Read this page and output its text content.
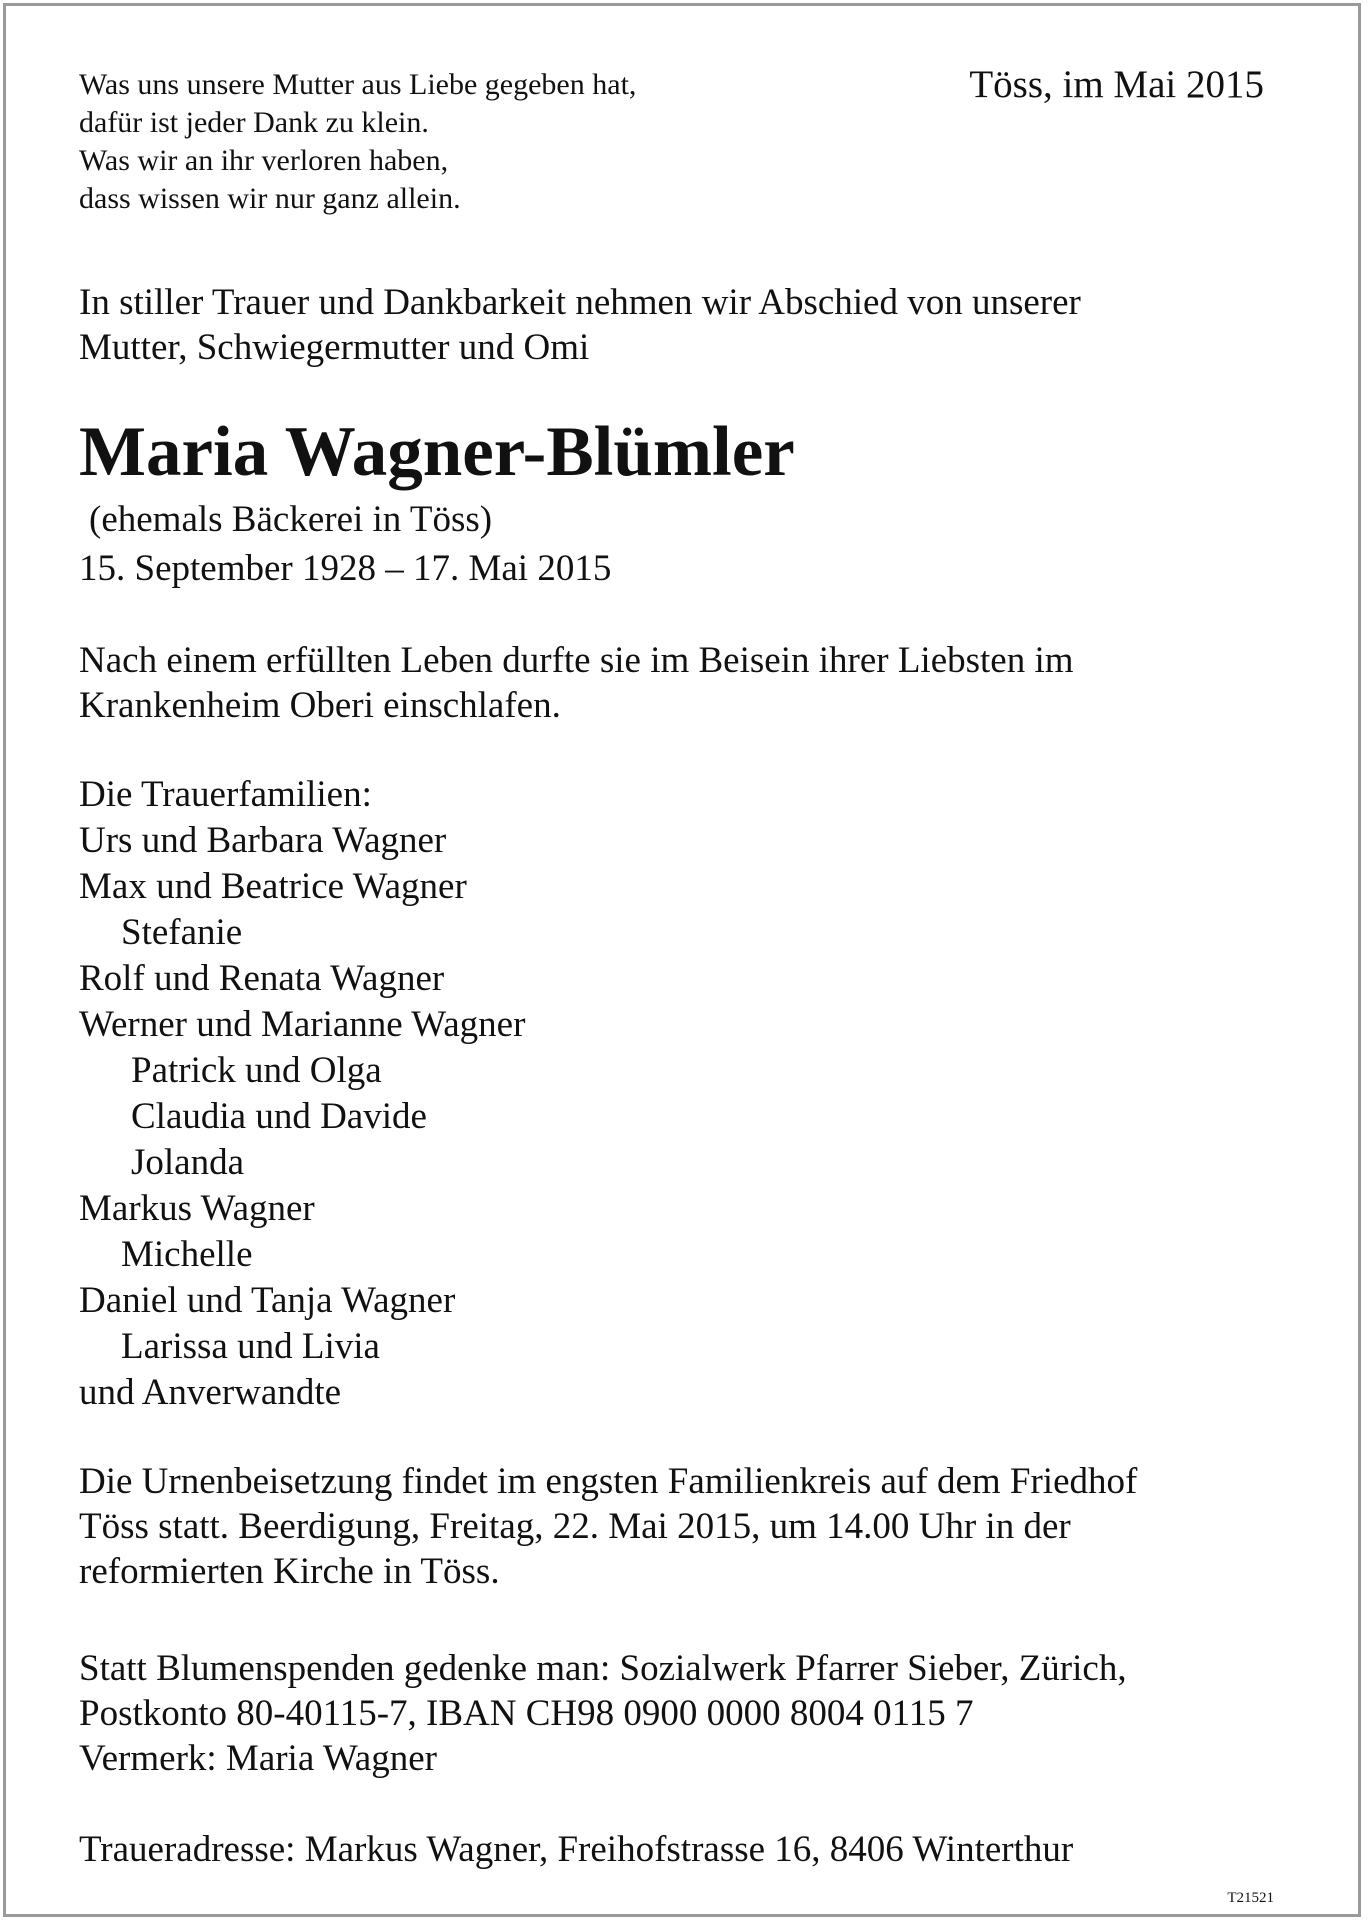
Was uns unsere Mutter aus Liebe gegeben hat,
dafür ist jeder Dank zu klein.
Was wir an ihr verloren haben,
dass wissen wir nur ganz allein.
Töss, im Mai 2015
In stiller Trauer und Dankbarkeit nehmen wir Abschied von unserer
Mutter, Schwiegermutter und Omi
Maria Wagner-Blümler
(ehemals Bäckerei in Töss)
15. September 1928 – 17. Mai 2015
Nach einem erfüllten Leben durfte sie im Beisein ihrer Liebsten im
Krankenheim Oberi einschlafen.
Die Trauerfamilien:
Urs und Barbara Wagner
Max und Beatrice Wagner
Stefanie
Rolf und Renata Wagner
Werner und Marianne Wagner
Patrick und Olga
Claudia und Davide
Jolanda
Markus Wagner
Michelle
Daniel und Tanja Wagner
Larissa und Livia
und Anverwandte
Die Urnenbeisetzung findet im engsten Familienkreis auf dem Friedhof
Töss statt. Beerdigung, Freitag, 22. Mai 2015, um 14.00 Uhr in der
reformierten Kirche in Töss.
Statt Blumenspenden gedenke man: Sozialwerk Pfarrer Sieber, Zürich,
Postkonto 80-40115-7, IBAN CH98 0900 0000 8004 0115 7
Vermerk: Maria Wagner
Traueradresse: Markus Wagner, Freihofstrasse 16, 8406 Winterthur
T21521
